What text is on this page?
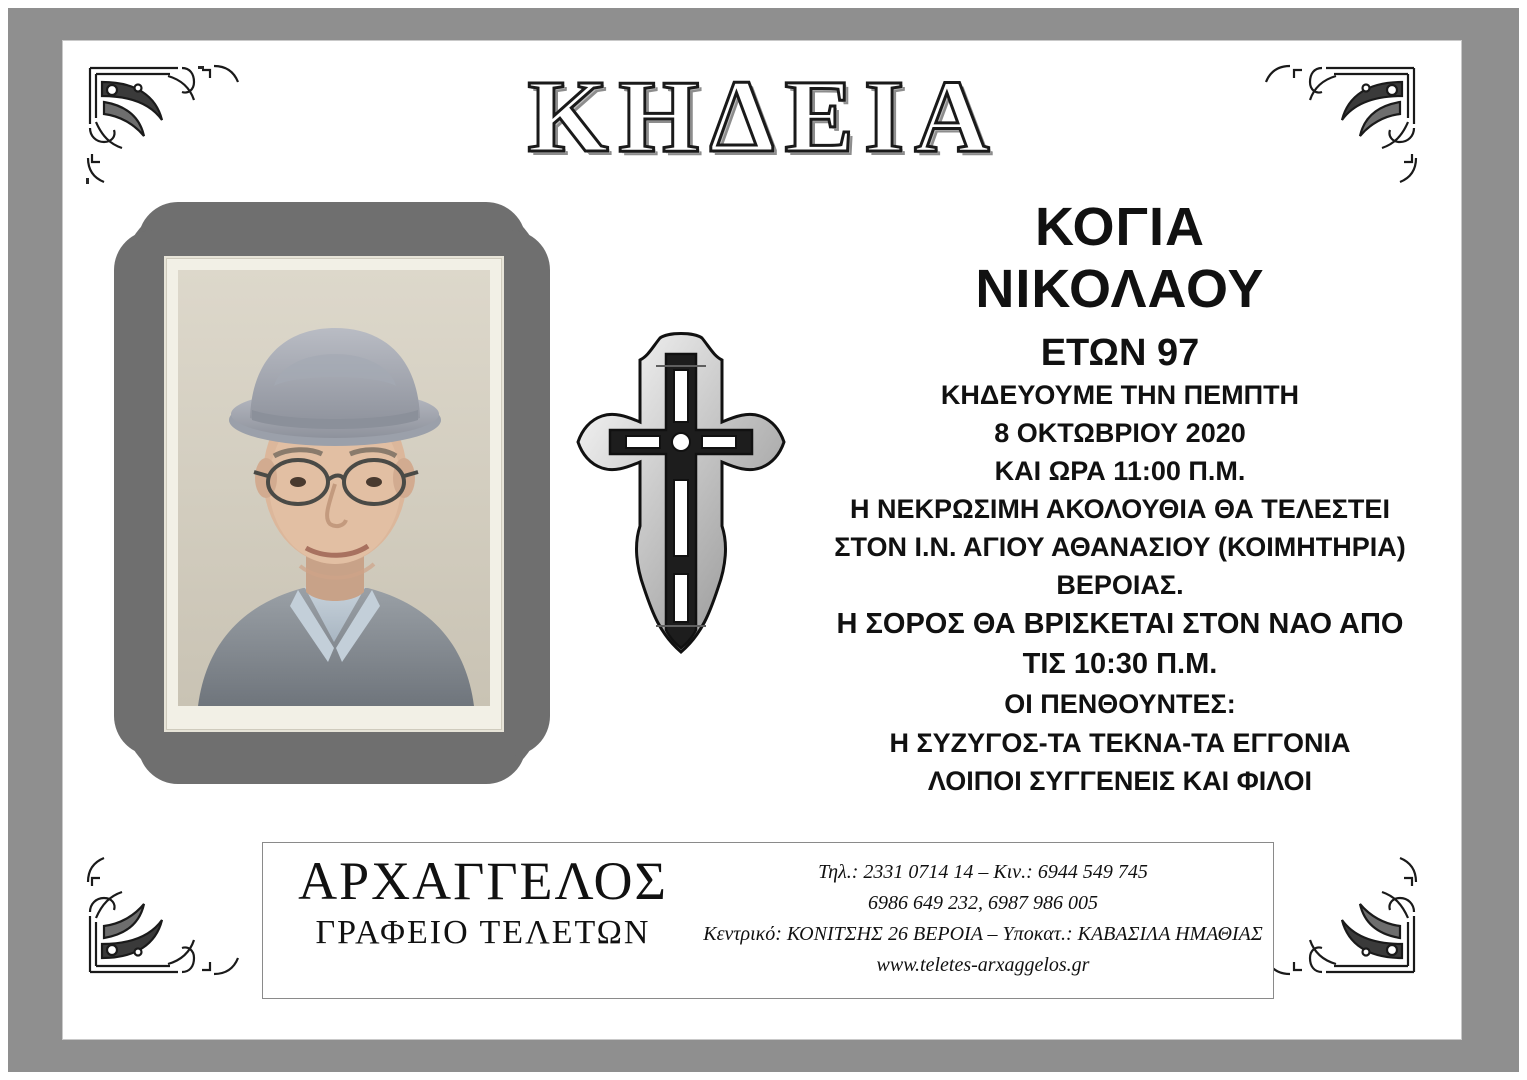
ΚΗΔΕΙΑ
ΚΟΓΙΑ
ΝΙΚΟΛΑΟΥ
ΕΤΩΝ 97
ΚΗΔΕΥΟΥΜΕ ΤΗΝ ΠΕΜΠΤΗ
8 ΟΚΤΩΒΡΙΟΥ 2020
ΚΑΙ ΩΡΑ 11:00 Π.Μ.
Η ΝΕΚΡΩΣΙΜΗ ΑΚΟΛΟΥΘΙΑ ΘΑ ΤΕΛΕΣΤΕΙ
ΣΤΟΝ Ι.Ν. ΑΓΙΟΥ ΑΘΑΝΑΣΙΟΥ (ΚΟΙΜΗΤΗΡΙΑ)
ΒΕΡΟΙΑΣ.
Η ΣΟΡΟΣ ΘΑ ΒΡΙΣΚΕΤΑΙ ΣΤΟΝ ΝΑΟ ΑΠΟ
ΤΙΣ 10:30 Π.Μ.
ΟΙ ΠΕΝΘΟΥΝΤΕΣ:
Η ΣΥΖΥΓΟΣ-ΤΑ ΤΕΚΝΑ-ΤΑ ΕΓΓΟΝΙΑ
ΛΟΙΠΟΙ ΣΥΓΓΕΝΕΙΣ ΚΑΙ ΦΙΛΟΙ
ΑΡΧΑΓΓΕΛΟΣ
ΓΡΑΦΕΙΟ ΤΕΛΕΤΩΝ
Τηλ.: 2331 0714 14 – Κιν.: 6944 549 745
6986 649 232, 6987 986 005
Κεντρικό: ΚΟΝΙΤΣΗΣ 26 ΒΕΡΟΙΑ – Υποκατ.: ΚΑΒΑΣΙΛΑ ΗΜΑΘΙΑΣ
www.teletes-arxaggelos.gr
